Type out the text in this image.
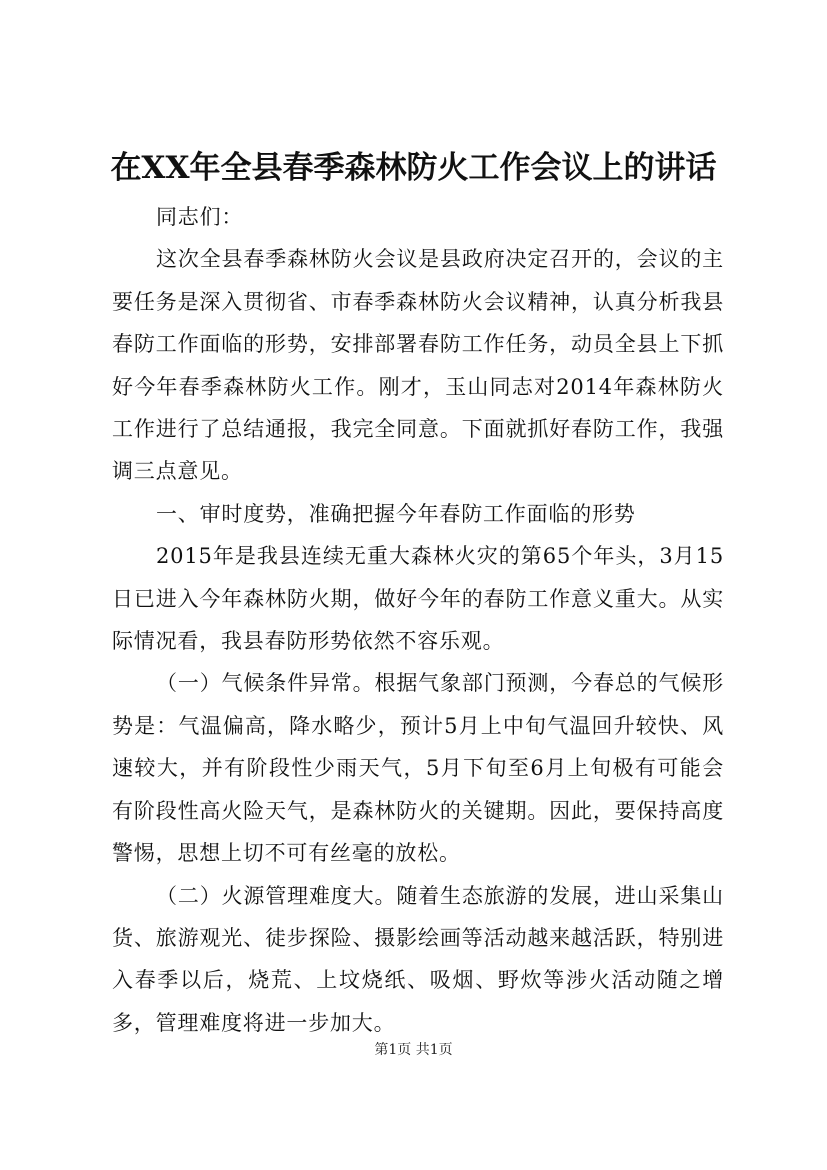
在XX年全县春季森林防火工作会议上的讲话

同志们：

这次全县春季森林防火会议是县政府决定召开的，会议的主要任务是深入贯彻省、市春季森林防火会议精神，认真分析我县春防工作面临的形势，安排部署春防工作任务，动员全县上下抓好今年春季森林防火工作。刚才，玉山同志对2014年森林防火工作进行了总结通报，我完全同意。下面就抓好春防工作，我强调三点意见。

一、审时度势，准确把握今年春防工作面临的形势

2015年是我县连续无重大森林火灾的第65个年头，3月15日已进入今年森林防火期，做好今年的春防工作意义重大。从实际情况看，我县春防形势依然不容乐观。

（一）气候条件异常。根据气象部门预测，今春总的气候形势是：气温偏高，降水略少，预计5月上中旬气温回升较快、风速较大，并有阶段性少雨天气，5月下旬至6月上旬极有可能会有阶段性高火险天气，是森林防火的关键期。因此，要保持高度警惕，思想上切不可有丝毫的放松。

（二）火源管理难度大。随着生态旅游的发展，进山采集山货、旅游观光、徒步探险、摄影绘画等活动越来越活跃，特别进入春季以后，烧荒、上坟烧纸、吸烟、野炊等涉火活动随之增多，管理难度将进一步加大。

第1页 共1页
